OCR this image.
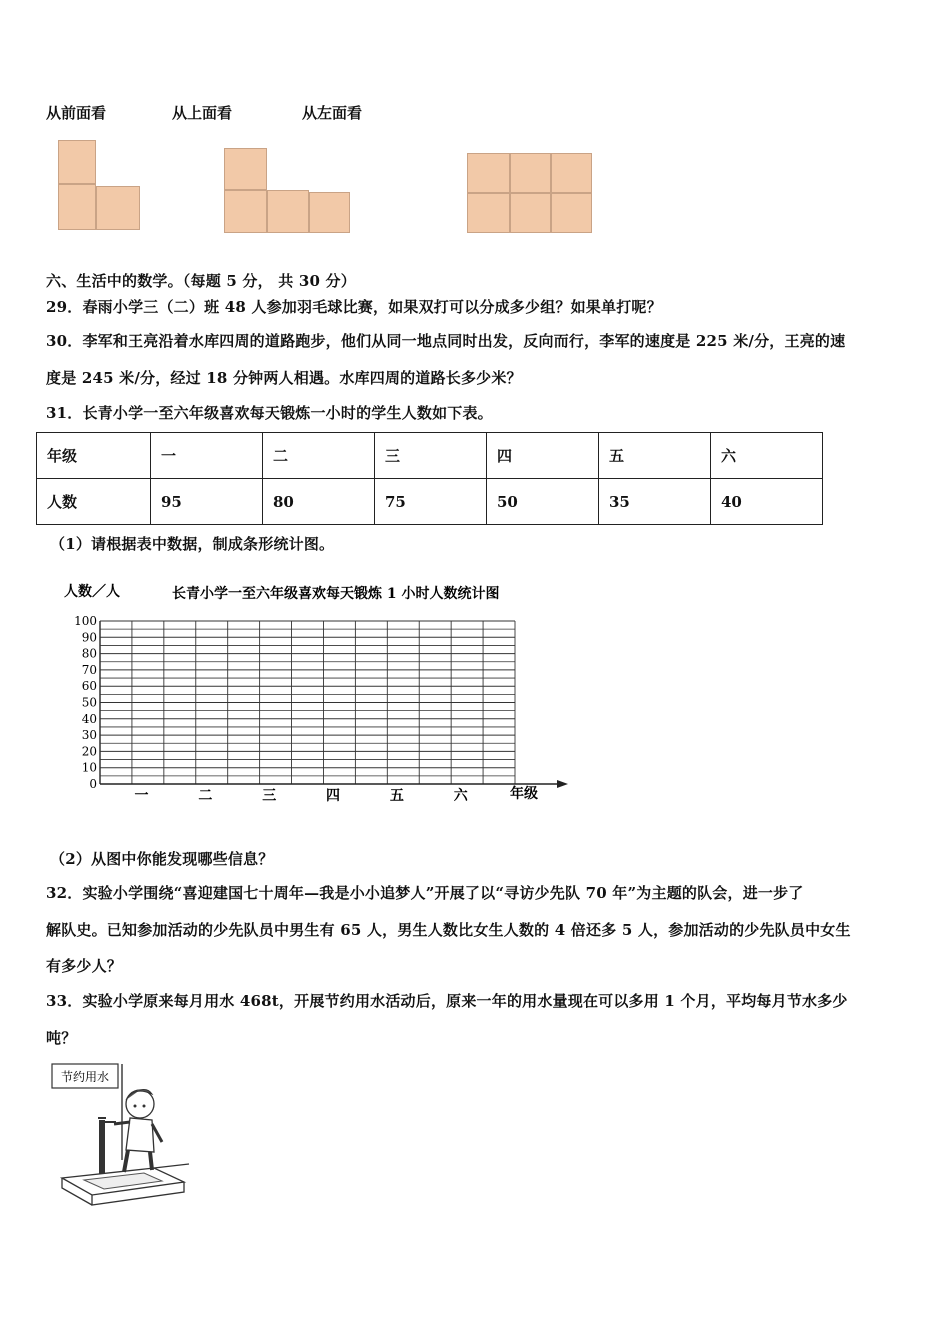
从前面看	从上面看	从左面看
六、生活中的数学。（每题 5 分， 共 30 分）
29．春雨小学三（二）班 48 人参加羽毛球比赛，如果双打可以分成多少组？如果单打呢？
30．李军和王亮沿着水库四周的道路跑步，他们从同一地点同时出发，反向而行，李军的速度是 225 米/分，王亮的速
度是 245 米/分，经过 18 分钟两人相遇。水库四周的道路长多少米？
31．长青小学一至六年级喜欢每天锻炼一小时的学生人数如下表。
年级	一	二	三	四	五	六
人数	95	80	75	50	35	40
（1）请根据表中数据，制成条形统计图。
人数／人	长青小学一至六年级喜欢每天锻炼 1 小时人数统计图
0
10
20
30
40
50
60
70
80
90
100
一	二	三	四	五	六	年级
（2）从图中你能发现哪些信息？
32．实验小学围绕“喜迎建国七十周年—我是小小追梦人”开展了以“寻访少先队 70 年”为主题的队会，进一步了
解队史。已知参加活动的少先队员中男生有 65 人，男生人数比女生人数的 4 倍还多 5 人，参加活动的少先队员中女生
有多少人？
33．实验小学原来每月用水 468t，开展节约用水活动后，原来一年的用水量现在可以多用 1 个月，平均每月节水多少
吨？
节约用水
